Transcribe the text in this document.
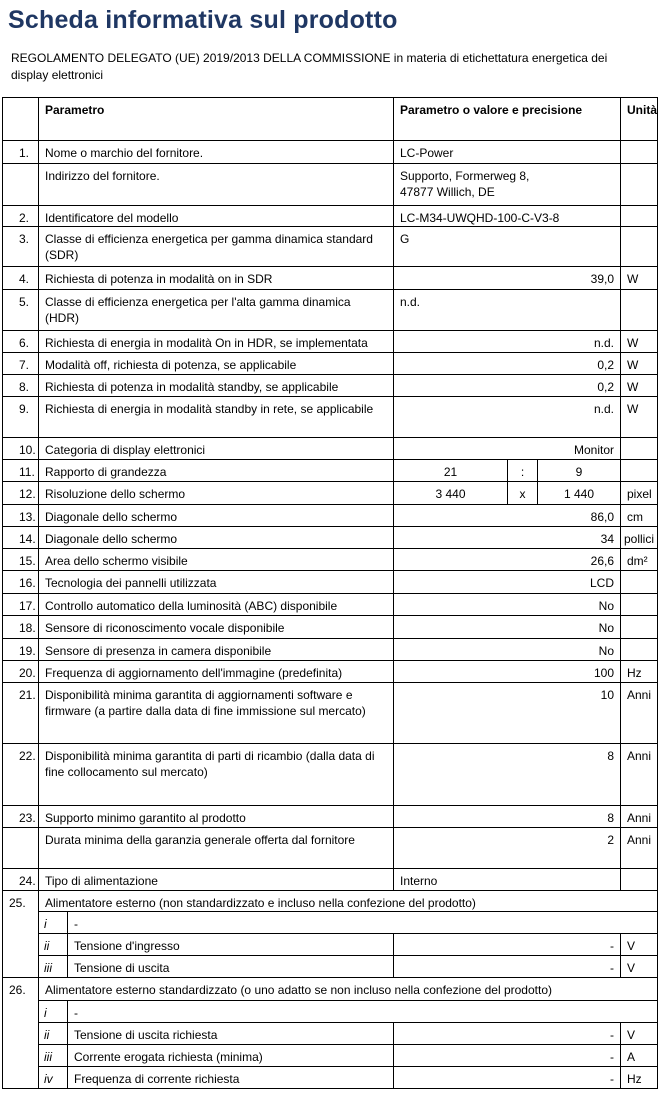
Scheda informativa sul prodotto
REGOLAMENTO DELEGATO (UE) 2019/2013 DELLA COMMISSIONE in materia di etichettatura energetica dei display elettronici
	Parametro		Parametro o valore e precisione			Unità
1.	Nome o marchio del fornitore.		LC-Power			
	Indirizzo del fornitore.		Supporto, Formerweg 8,
47877 Willich, DE			

2.	Identificatore del modello		LC-M34-UWQHD-100-C-V3-8			
3.	Classe di efficienza energetica per gamma dinamica standard (SDR)		G			
4.	Richiesta di potenza in modalità on in SDR		39,0			W
5.	Classe di efficienza energetica per l'alta gamma dinamica (HDR)		n.d.			
6.	Richiesta di energia in modalità On in HDR, se implementata		n.d.			W
7.	Modalità off, richiesta di potenza, se applicabile		0,2			W
8.	Richiesta di potenza in modalità standby, se applicabile		0,2			W
9.	Richiesta di energia in modalità standby in rete, se applicabile		n.d.			W
10.	Categoria di display elettronici		Monitor			
11.	Rapporto di grandezza		21	:	9	
12.	Risoluzione dello schermo		3 440	x	1 440	pixel
13.	Diagonale dello schermo		86,0			cm
14.	Diagonale dello schermo		34			pollici
15.	Area dello schermo visibile		26,6			dm²
16.	Tecnologia dei pannelli utilizzata		LCD			
17.	Controllo automatico della luminosità (ABC) disponibile		No			
18.	Sensore di riconoscimento vocale disponibile		No			
19.	Sensore di presenza in camera disponibile		No			
20.	Frequenza di aggiornamento dell'immagine (predefinita)		100			Hz
21.	Disponibilità minima garantita di aggiornamenti software e firmware (a partire dalla data di fine immissione sul mercato)		10			Anni
22.	Disponibilità minima garantita di parti di ricambio (dalla data di fine collocamento sul mercato)		8			Anni
23.	Supporto minimo garantito al prodotto		8			Anni
	Durata minima della garanzia generale offerta dal fornitore		2			Anni
24.	Tipo di alimentazione		Interno			
25.	Alimentatore esterno (non standardizzato e incluso nella confezione del prodotto)					
	i	-				
	ii	Tensione d'ingresso	-			V
	iii	Tensione di uscita	-			V
26.	Alimentatore esterno standardizzato (o uno adatto se non incluso nella confezione del prodotto)					
	i	-				
	ii	Tensione di uscita richiesta	-			V
	iii	Corrente erogata richiesta (minima)	-			A
	iv	Frequenza di corrente richiesta	-			Hz
